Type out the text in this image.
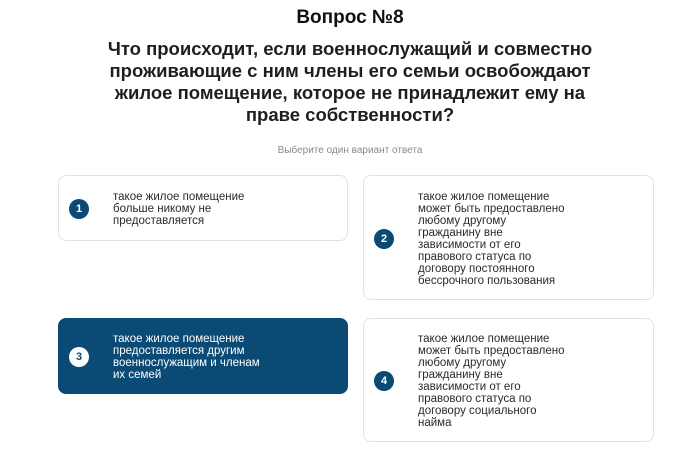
Вопрос №8
Что происходит, если военнослужащий и совместно
проживающие с ним члены его семьи освобождают
жилое помещение, которое не принадлежит ему на
праве собственности?
Выберите один вариант ответа
1
такое жилое помещение
больше никому не
предоставляется
2
такое жилое помещение
может быть предоставлено
любому другому
гражданину вне
зависимости от его
правового статуса по
договору постоянного
бессрочного пользования
3
такое жилое помещение
предоставляется другим
военнослужащим и членам
их семей	4
такое жилое помещение
может быть предоставлено
любому другому
гражданину вне
зависимости от его
правового статуса по
договору социального
найма
